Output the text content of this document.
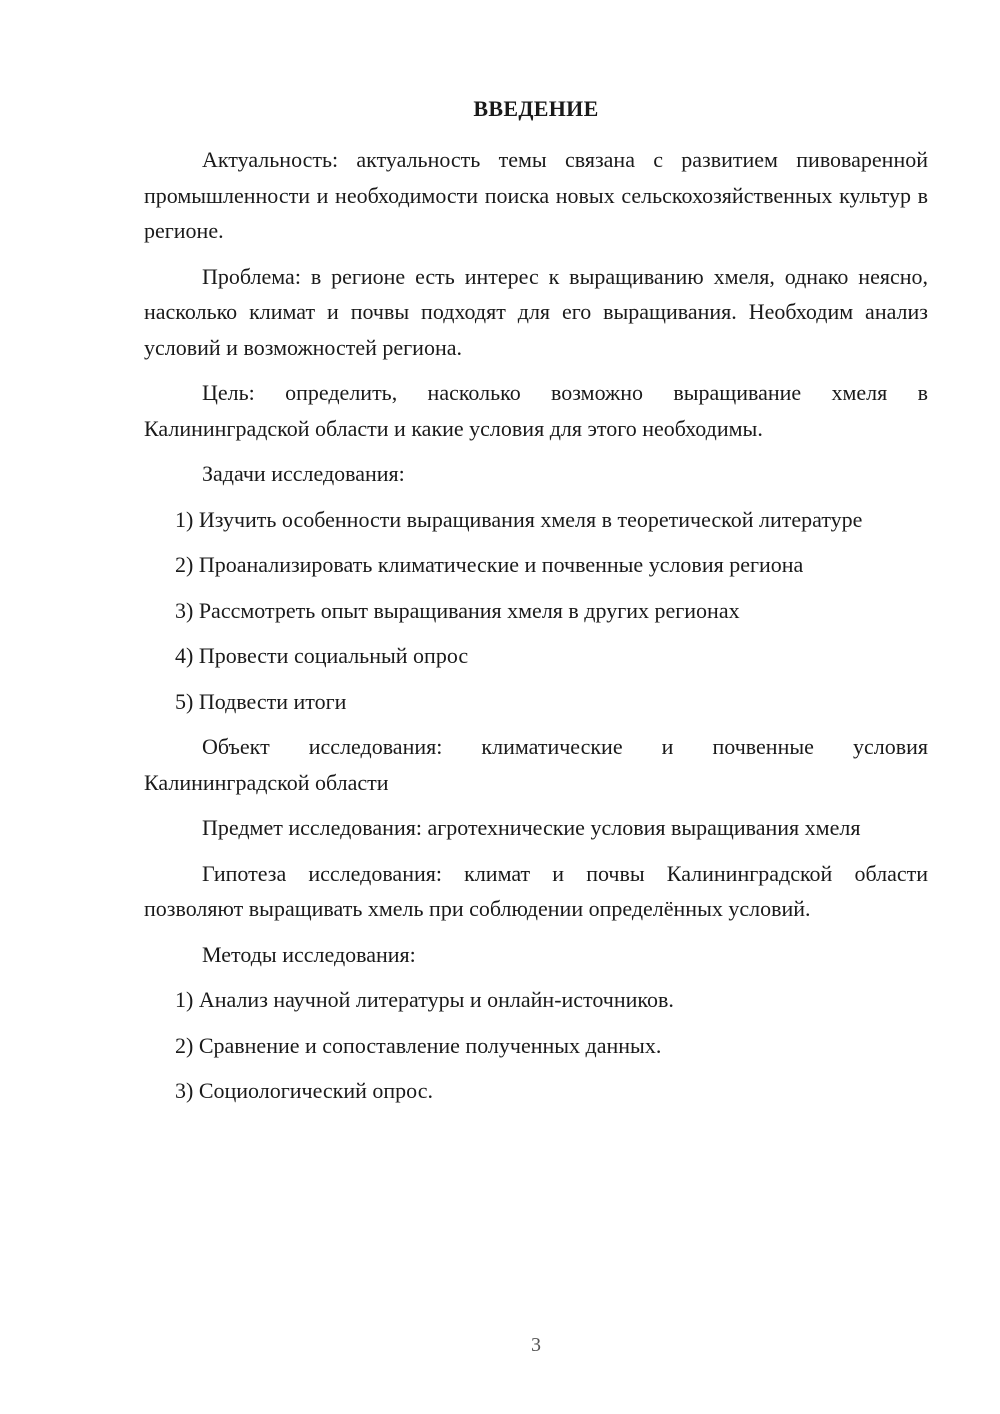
ВВЕДЕНИЕ

Актуальность: актуальность темы связана с развитием пивоваренной промышленности и необходимости поиска новых сельскохозяйственных культур в регионе.

Проблема: в регионе есть интерес к выращиванию хмеля, однако неясно, насколько климат и почвы подходят для его выращивания. Необходим анализ условий и возможностей региона.

Цель: определить, насколько возможно выращивание хмеля в Калининградской области и какие условия для этого необходимы.

Задачи исследования:

1) Изучить особенности выращивания хмеля в теоретической литературе

2) Проанализировать климатические и почвенные условия региона

3) Рассмотреть опыт выращивания хмеля в других регионах

4) Провести социальный опрос

5) Подвести итоги

Объект исследования: климатические и почвенные условия Калининградской области

Предмет исследования: агротехнические условия выращивания хмеля

Гипотеза исследования: климат и почвы Калининградской области позволяют выращивать хмель при соблюдении определённых условий.

Методы исследования:

1) Анализ научной литературы и онлайн-источников.

2) Сравнение и сопоставление полученных данных.

3) Социологический опрос.

3
